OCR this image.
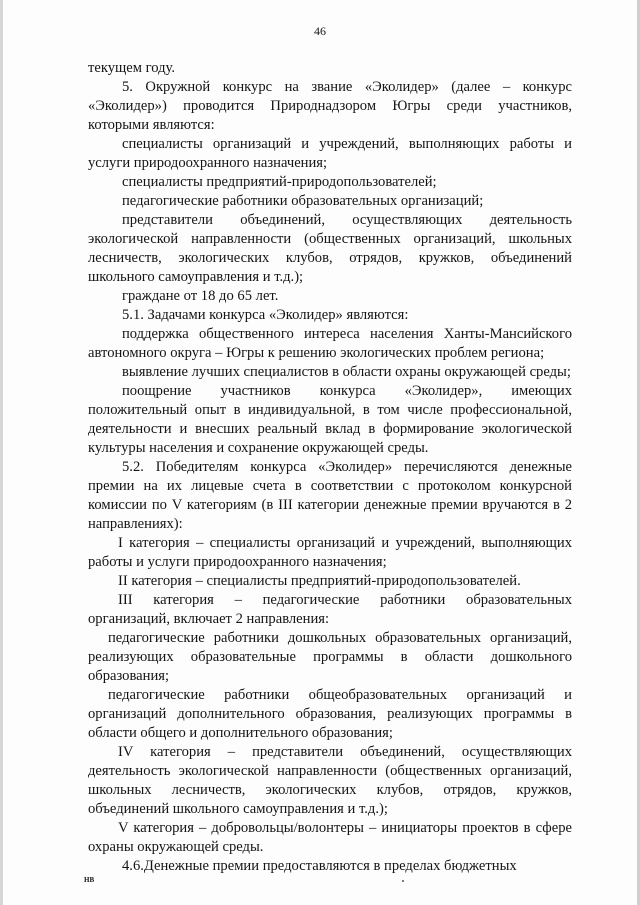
46

текущем году.

5. Окружной конкурс на звание «Эколидер» (далее – конкурс «Эколидер») проводится Природнадзором Югры среди участников, которыми являются:

специалисты организаций и учреждений, выполняющих работы и услуги природоохранного назначения;

специалисты предприятий-природопользователей;

педагогические работники образовательных организаций;

представители объединений, осуществляющих деятельность экологической направленности (общественных организаций, школьных лесничеств, экологических клубов, отрядов, кружков, объединений школьного самоуправления и т.д.);

граждане от 18 до 65 лет.

5.1. Задачами конкурса «Эколидер» являются:

поддержка общественного интереса населения Ханты-Мансийского автономного округа – Югры к решению экологических проблем региона;

выявление лучших специалистов в области охраны окружающей среды;

поощрение участников конкурса «Эколидер», имеющих положительный опыт в индивидуальной, в том числе профессиональной, деятельности и внесших реальный вклад в формирование экологической культуры населения и сохранение окружающей среды.

5.2. Победителям конкурса «Эколидер» перечисляются денежные премии на их лицевые счета в соответствии с протоколом конкурсной комиссии по V категориям (в III категории денежные премии вручаются в 2 направлениях):

I категория – специалисты организаций и учреждений, выполняющих работы и услуги природоохранного назначения;

II категория – специалисты предприятий-природопользователей.

III категория – педагогические работники образовательных организаций, включает 2 направления:

педагогические работники дошкольных образовательных организаций, реализующих образовательные программы в области дошкольного образования;

педагогические работники общеобразовательных организаций и организаций дополнительного образования, реализующих программы в области общего и дополнительного образования;

IV категория – представители объединений, осуществляющих деятельность экологической направленности (общественных организаций, школьных лесничеств, экологических клубов, отрядов, кружков, объединений школьного самоуправления и т.д.);

V категория – добровольцы/волонтеры – инициаторы проектов в сфере охраны окружающей среды.

4.6.Денежные премии предоставляются в пределах бюджетных

НВ
